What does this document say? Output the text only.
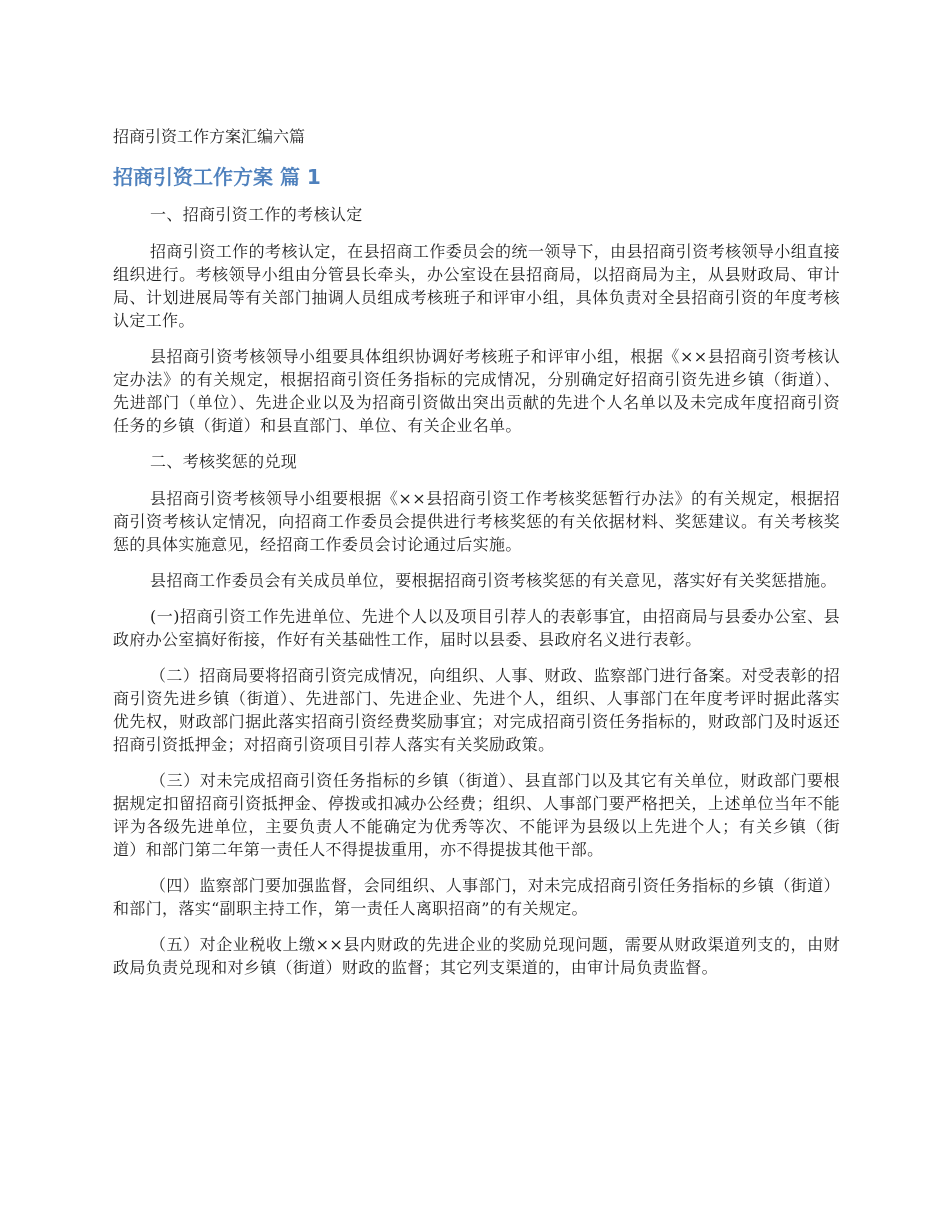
招商引资工作方案汇编六篇
招商引资工作方案 篇 1

一、招商引资工作的考核认定

招商引资工作的考核认定，在县招商工作委员会的统一领导下，由县招商引资考核领导小组直接组织进行。考核领导小组由分管县长牵头，办公室设在县招商局，以招商局为主，从县财政局、审计局、计划进展局等有关部门抽调人员组成考核班子和评审小组，具体负责对全县招商引资的年度考核认定工作。

县招商引资考核领导小组要具体组织协调好考核班子和评审小组，根据《××县招商引资考核认定办法》的有关规定，根据招商引资任务指标的完成情况，分别确定好招商引资先进乡镇（街道）、先进部门（单位）、先进企业以及为招商引资做出突出贡献的先进个人名单以及未完成年度招商引资任务的乡镇（街道）和县直部门、单位、有关企业名单。

二、考核奖惩的兑现

县招商引资考核领导小组要根据《××县招商引资工作考核奖惩暂行办法》的有关规定，根据招商引资考核认定情况，向招商工作委员会提供进行考核奖惩的有关依据材料、奖惩建议。有关考核奖惩的具体实施意见，经招商工作委员会讨论通过后实施。

县招商工作委员会有关成员单位，要根据招商引资考核奖惩的有关意见，落实好有关奖惩措施。

(一)招商引资工作先进单位、先进个人以及项目引荐人的表彰事宜，由招商局与县委办公室、县政府办公室搞好衔接，作好有关基础性工作，届时以县委、县政府名义进行表彰。

（二）招商局要将招商引资完成情况，向组织、人事、财政、监察部门进行备案。对受表彰的招商引资先进乡镇（街道）、先进部门、先进企业、先进个人，组织、人事部门在年度考评时据此落实优先权，财政部门据此落实招商引资经费奖励事宜；对完成招商引资任务指标的，财政部门及时返还招商引资抵押金；对招商引资项目引荐人落实有关奖励政策。

（三）对未完成招商引资任务指标的乡镇（街道）、县直部门以及其它有关单位，财政部门要根据规定扣留招商引资抵押金、停拨或扣减办公经费；组织、人事部门要严格把关，上述单位当年不能评为各级先进单位，主要负责人不能确定为优秀等次、不能评为县级以上先进个人；有关乡镇（街道）和部门第二年第一责任人不得提拔重用，亦不得提拔其他干部。

（四）监察部门要加强监督，会同组织、人事部门，对未完成招商引资任务指标的乡镇（街道）和部门，落实“副职主持工作，第一责任人离职招商”的有关规定。

（五）对企业税收上缴××县内财政的先进企业的奖励兑现问题，需要从财政渠道列支的，由财政局负责兑现和对乡镇（街道）财政的监督；其它列支渠道的，由审计局负责监督。
